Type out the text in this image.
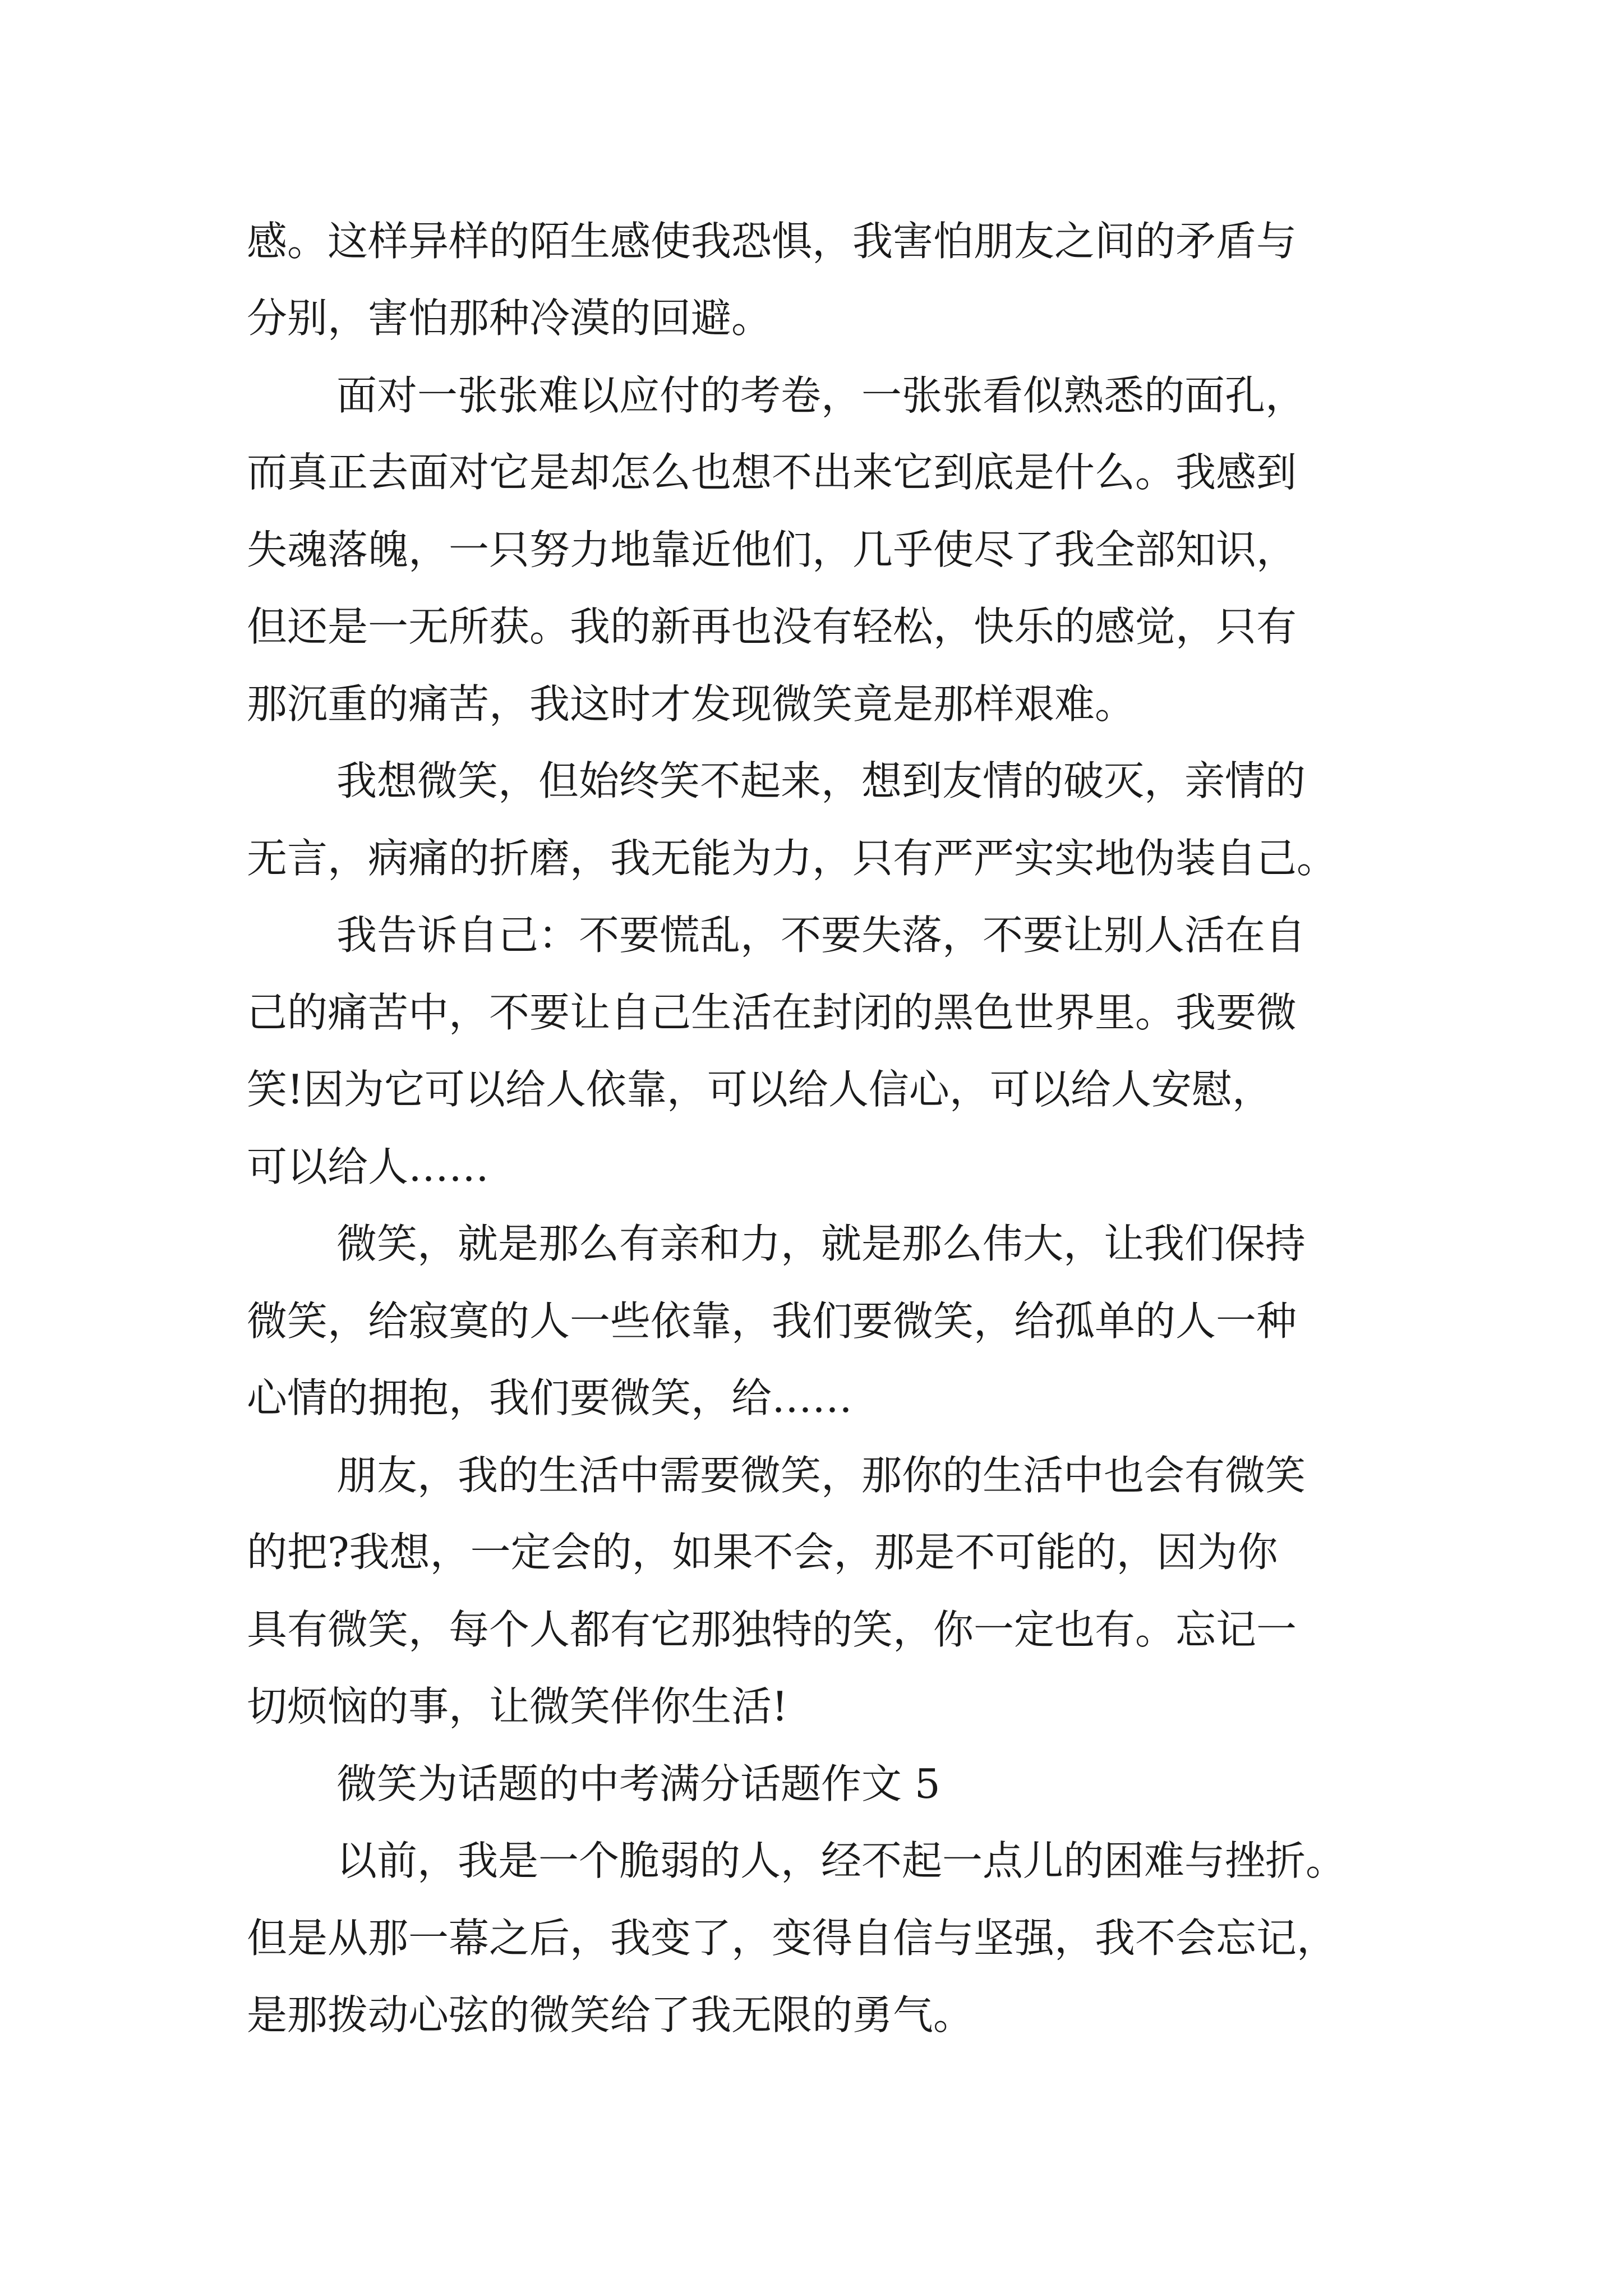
感。这样异样的陌生感使我恐惧，我害怕朋友之间的矛盾与
分别，害怕那种冷漠的回避。
面对一张张难以应付的考卷，一张张看似熟悉的面孔，
而真正去面对它是却怎么也想不出来它到底是什么。我感到
失魂落魄，一只努力地靠近他们，几乎使尽了我全部知识，
但还是一无所获。我的新再也没有轻松，快乐的感觉，只有
那沉重的痛苦，我这时才发现微笑竟是那样艰难。
我想微笑，但始终笑不起来，想到友情的破灭，亲情的
无言，病痛的折磨，我无能为力，只有严严实实地伪装自己。
我告诉自己：不要慌乱，不要失落，不要让别人活在自
己的痛苦中，不要让自己生活在封闭的黑色世界里。我要微
笑!因为它可以给人依靠，可以给人信心，可以给人安慰，
可以给人……
微笑，就是那么有亲和力，就是那么伟大，让我们保持
微笑，给寂寞的人一些依靠，我们要微笑，给孤单的人一种
心情的拥抱，我们要微笑，给……
朋友，我的生活中需要微笑，那你的生活中也会有微笑
的把?我想，一定会的，如果不会，那是不可能的，因为你
具有微笑，每个人都有它那独特的笑，你一定也有。忘记一
切烦恼的事，让微笑伴你生活!
微笑为话题的中考满分话题作文 5
以前，我是一个脆弱的人，经不起一点儿的困难与挫折。
但是从那一幕之后，我变了，变得自信与坚强，我不会忘记，
是那拨动心弦的微笑给了我无限的勇气。
